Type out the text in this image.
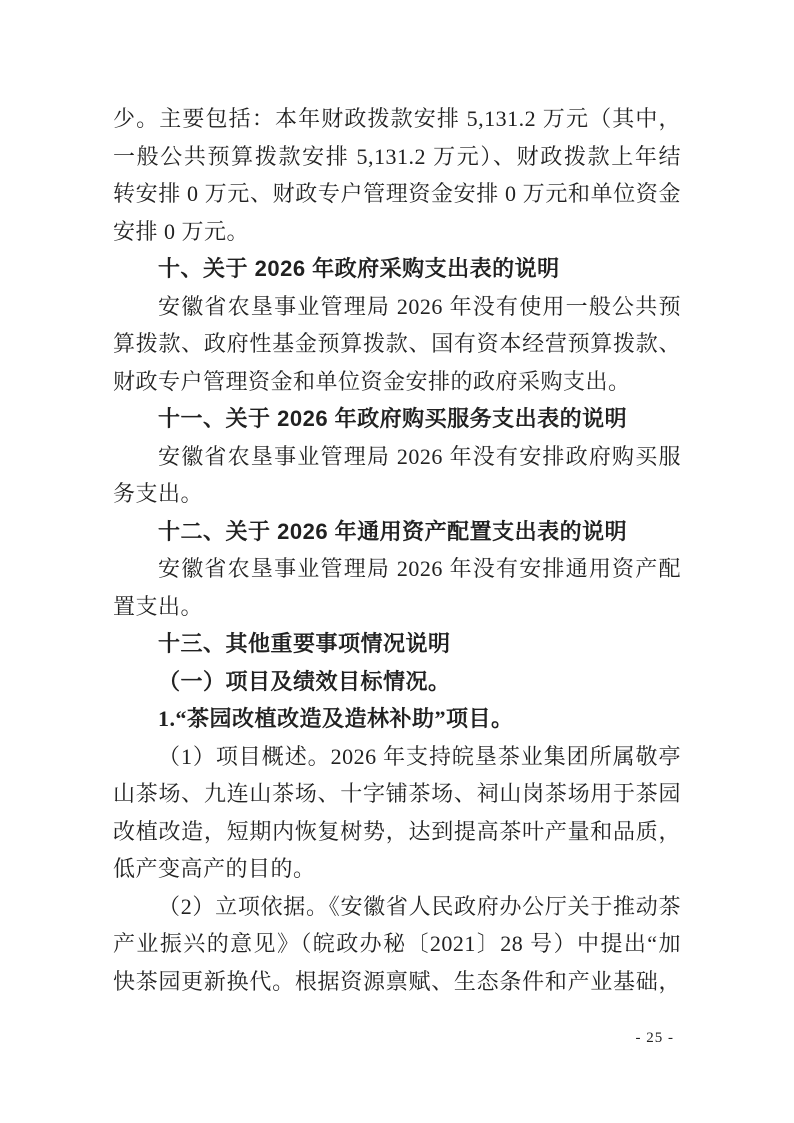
少。主要包括：本年财政拨款安排 5,131.2 万元（其中，
一般公共预算拨款安排 5,131.2 万元）、财政拨款上年结
转安排 0 万元、财政专户管理资金安排 0 万元和单位资金
安排 0 万元。
十、关于 2026 年政府采购支出表的说明
安徽省农垦事业管理局 2026 年没有使用一般公共预
算拨款、政府性基金预算拨款、国有资本经营预算拨款、
财政专户管理资金和单位资金安排的政府采购支出。
十一、关于 2026 年政府购买服务支出表的说明
安徽省农垦事业管理局 2026 年没有安排政府购买服
务支出。
十二、关于 2026 年通用资产配置支出表的说明
安徽省农垦事业管理局 2026 年没有安排通用资产配
置支出。
十三、其他重要事项情况说明
（一）项目及绩效目标情况。
1.“茶园改植改造及造林补助”项目。
（1）项目概述。2026 年支持皖垦茶业集团所属敬亭
山茶场、九连山茶场、十字铺茶场、祠山岗茶场用于茶园
改植改造，短期内恢复树势，达到提高茶叶产量和品质，
低产变高产的目的。
（2）立项依据。《安徽省人民政府办公厅关于推动茶
产业振兴的意见》（皖政办秘〔2021〕28 号）中提出“加
快茶园更新换代。根据资源禀赋、生态条件和产业基础，
- 25 -
